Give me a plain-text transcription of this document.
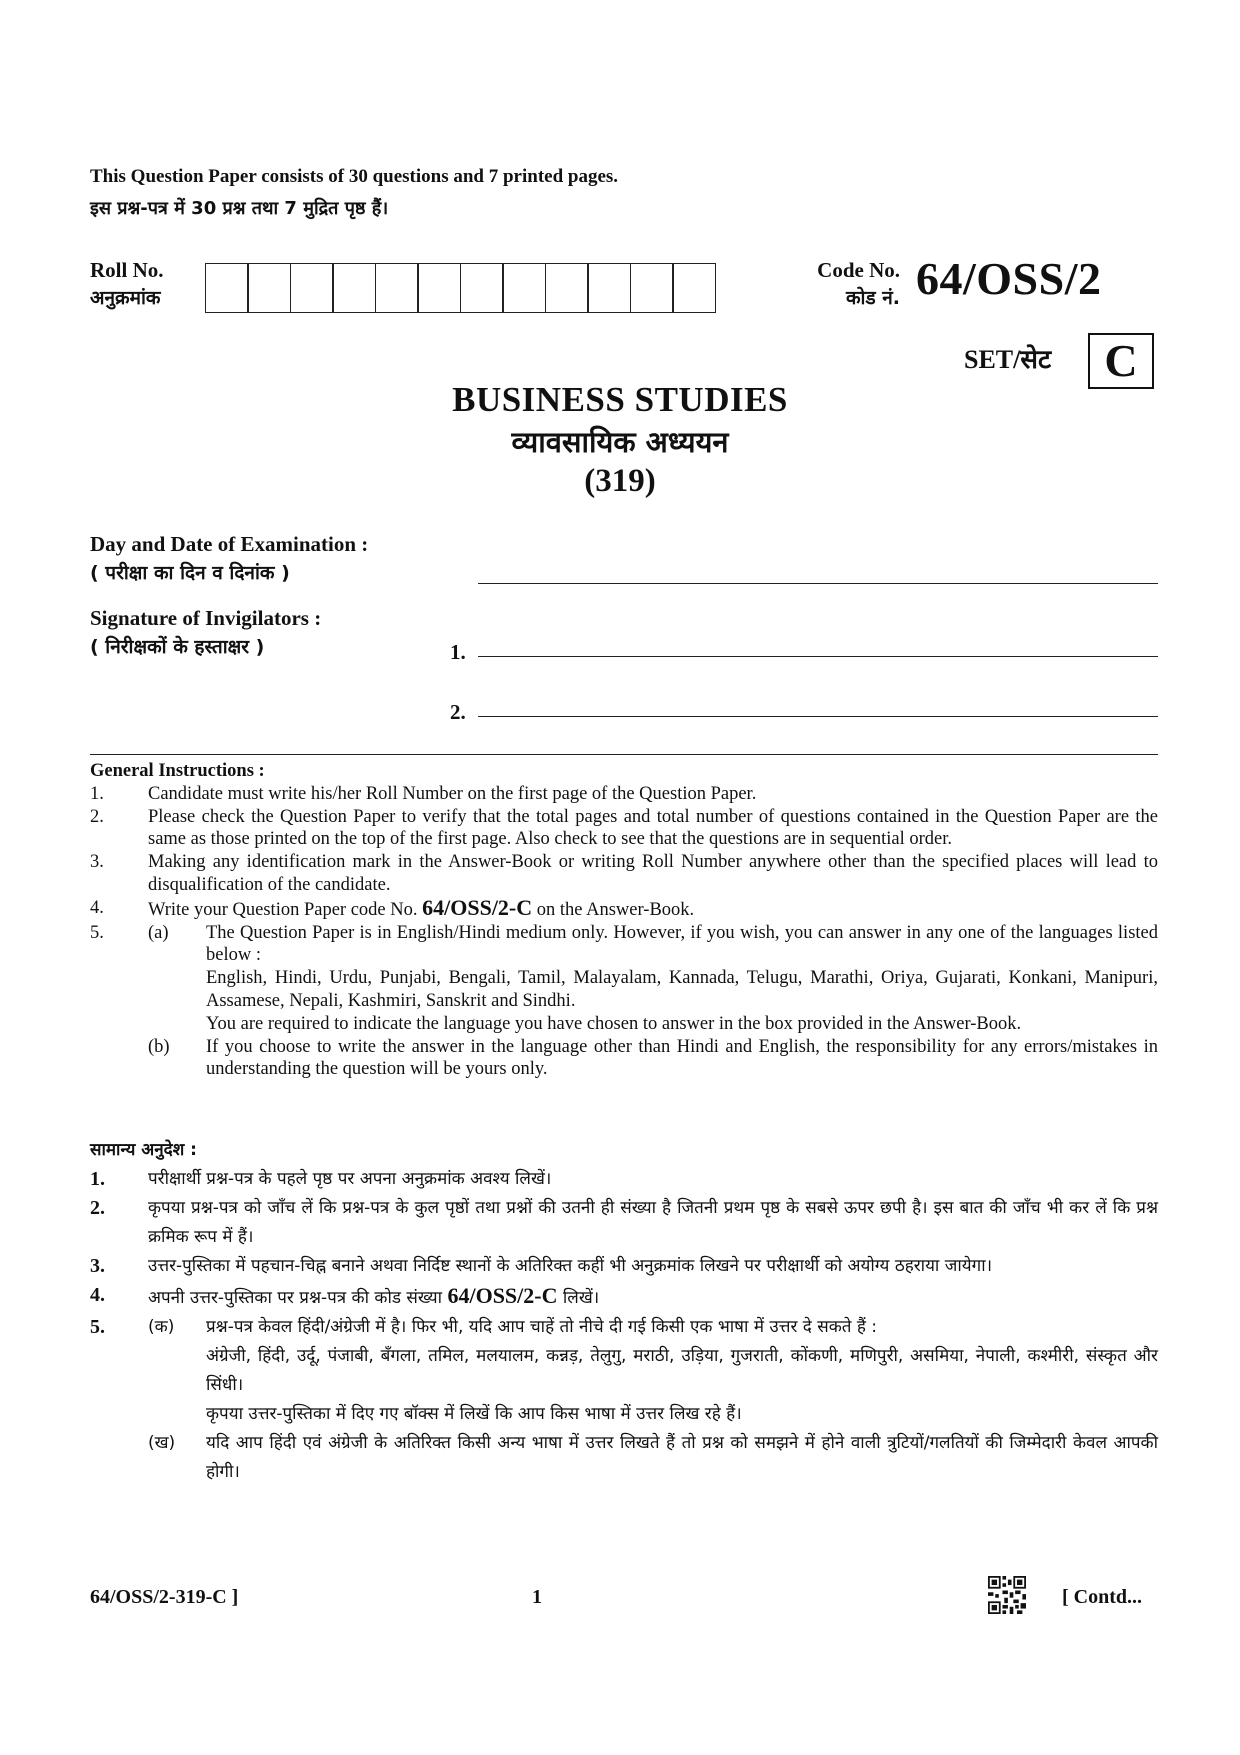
This Question Paper consists of 30 questions and 7 printed pages.
इस प्रश्न-पत्र में 30 प्रश्न तथा 7 मुद्रित पृष्ठ हैं।
Roll No.
अनुक्रमांक
Code No.
कोड नं. 64/OSS/2
SET/सेट	C
BUSINESS STUDIES
व्यावसायिक अध्ययन
(319)
Day and Date of Examination :
( परीक्षा का दिन व दिनांक )
Signature of Invigilators :
( निरीक्षकों के हस्ताक्षर )	1.
2.
General Instructions :
1.	Candidate must write his/her Roll Number on the first page of the Question Paper.
2.	Please check the Question Paper to verify that the total pages and total number of questions contained in the Question Paper are the same as those printed on the top of the first page. Also check to see that the questions are in sequential order.
3.	Making any identification mark in the Answer-Book or writing Roll Number anywhere other than the specified places will lead to disqualification of the candidate.
4.	Write your Question Paper code No. 64/OSS/2-C on the Answer-Book.
5.	(a)	The Question Paper is in English/Hindi medium only. However, if you wish, you can answer in any one of the languages listed below :
English, Hindi, Urdu, Punjabi, Bengali, Tamil, Malayalam, Kannada, Telugu, Marathi, Oriya, Gujarati, Konkani, Manipuri, Assamese, Nepali, Kashmiri, Sanskrit and Sindhi.
You are required to indicate the language you have chosen to answer in the box provided in the Answer-Book.
(b)	If you choose to write the answer in the language other than Hindi and English, the responsibility for any errors/mistakes in understanding the question will be yours only.
सामान्य अनुदेश :
1.	परीक्षार्थी प्रश्न-पत्र के पहले पृष्ठ पर अपना अनुक्रमांक अवश्य लिखें।
2.	कृपया प्रश्न-पत्र को जाँच लें कि प्रश्न-पत्र के कुल पृष्ठों तथा प्रश्नों की उतनी ही संख्या है जितनी प्रथम पृष्ठ के सबसे ऊपर छपी है। इस बात की जाँच भी कर लें कि प्रश्न क्रमिक रूप में हैं।
3.	उत्तर-पुस्तिका में पहचान-चिह्न बनाने अथवा निर्दिष्ट स्थानों के अतिरिक्त कहीं भी अनुक्रमांक लिखने पर परीक्षार्थी को अयोग्य ठहराया जायेगा।
4.	अपनी उत्तर-पुस्तिका पर प्रश्न-पत्र की कोड संख्या 64/OSS/2-C लिखें।
5.	(क)	प्रश्न-पत्र केवल हिंदी/अंग्रेजी में है। फिर भी, यदि आप चाहें तो नीचे दी गई किसी एक भाषा में उत्तर दे सकते हैं :
अंग्रेजी, हिंदी, उर्दू, पंजाबी, बँगला, तमिल, मलयालम, कन्नड़, तेलुगु, मराठी, उड़िया, गुजराती, कोंकणी, मणिपुरी, असमिया, नेपाली, कश्मीरी, संस्कृत और सिंधी।
कृपया उत्तर-पुस्तिका में दिए गए बॉक्स में लिखें कि आप किस भाषा में उत्तर लिख रहे हैं।
(ख)	यदि आप हिंदी एवं अंग्रेजी के अतिरिक्त किसी अन्य भाषा में उत्तर लिखते हैं तो प्रश्न को समझने में होने वाली त्रुटियों/गलतियों की जिम्मेदारी केवल आपकी होगी।
64/OSS/2-319-C ]	1	[ Contd...
